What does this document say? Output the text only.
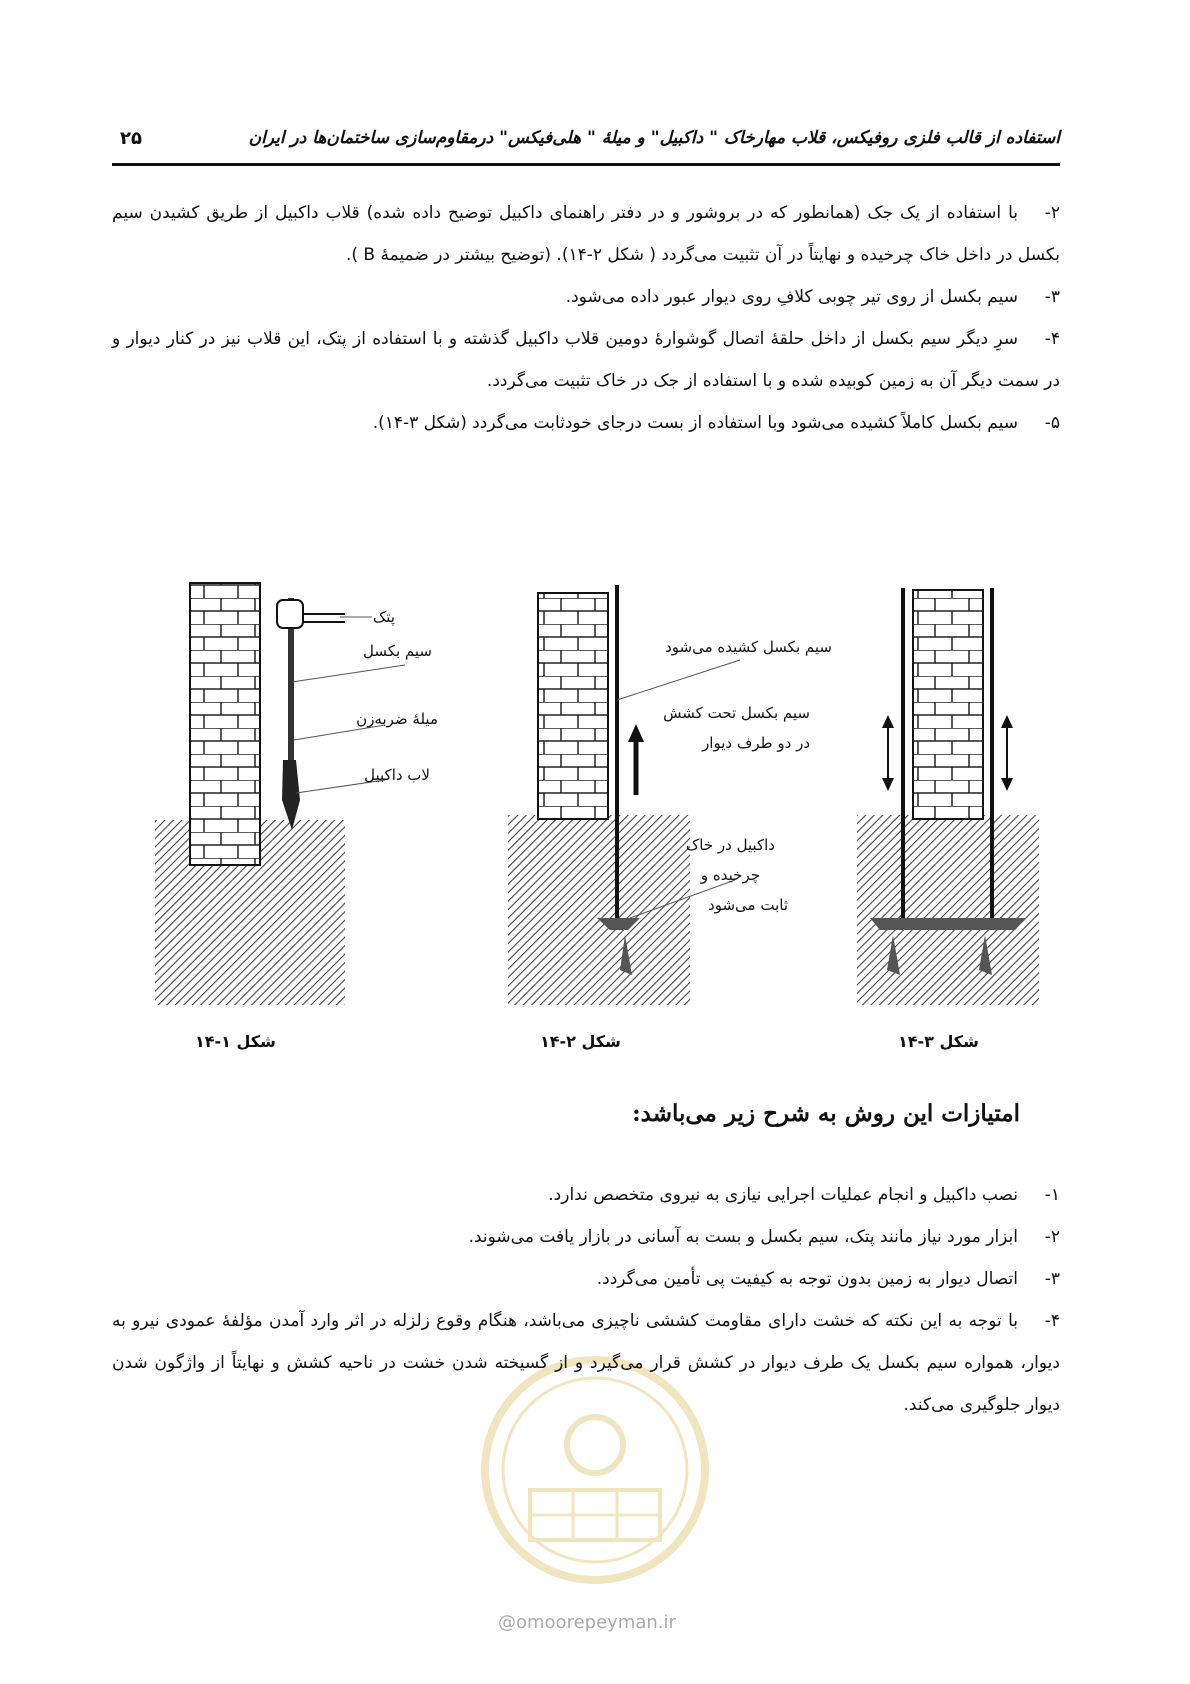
استفاده از قالب فلزی روفیکس، قلاب مهارخاک " داکبیل" و میلهٔ " هلی‌فیکس" درمقاوم‌سازی ساختمان‌ها در ایران
۲۵

۲-با استفاده از یک جک (همانطور که در بروشور و در دفتر راهنمای داکبیل توضیح داده شده) قلاب داکبیل از طریق کشیدن سیم بکسل در داخل خاک چرخیده و نهایتاً در آن تثبیت می‌گردد ( شکل ۲-۱۴). (توضیح بیشتر در ضمیمهٔ B ).

۳-سیم بکسل از روی تیر چوبی کلافِ روی دیوار عبور داده می‌شود.

۴-سرِ دیگر سیم بکسل از داخل حلقهٔ اتصال گوشوارهٔ دومین قلاب داکبیل گذشته و با استفاده از پتک، این قلاب نیز در کنار دیوار و در سمت دیگر آن به زمین کوبیده شده و با استفاده از جک در خاک تثبیت می‌گردد.

۵-سیم بکسل کاملاً کشیده می‌شود وبا استفاده از بست درجای خودثابت می‌گردد (شکل ۳-۱۴).

پتک
سیم بکسل
میلهٔ ضربه‌زن
لاب داکبیل
سیم بکسل کشیده می‌شود
سیم بکسل تحت کشش
در دو طرف دیوار
داکبیل در خاک
چرخیده و
ثابت می‌شود
شکل ۱-۱۴	شکل ۲-۱۴	شکل ۳-۱۴
امتیازات این روش به شرح زیر می‌باشد:
@omoorepeyman.ir

۱-نصب داکبیل و انجام عملیات اجرایی نیازی به نیروی متخصص ندارد.

۲-ابزار مورد نیاز مانند پتک، سیم بکسل و بست به آسانی در بازار یافت می‌شوند.

۳-اتصال دیوار به زمین بدون توجه به کیفیت پی تأمین می‌گردد.

۴-با توجه به این نکته که خشت دارای مقاومت کششی ناچیزی می‌باشد، هنگام وقوع زلزله در اثر وارد آمدن مؤلفهٔ عمودی نیرو به دیوار، همواره سیم بکسل یک طرف دیوار در کشش قرار می‌گیرد و از گسیخته شدن خشت در ناحیه کشش و نهایتاً از واژگون شدن دیوار جلوگیری می‌کند.
